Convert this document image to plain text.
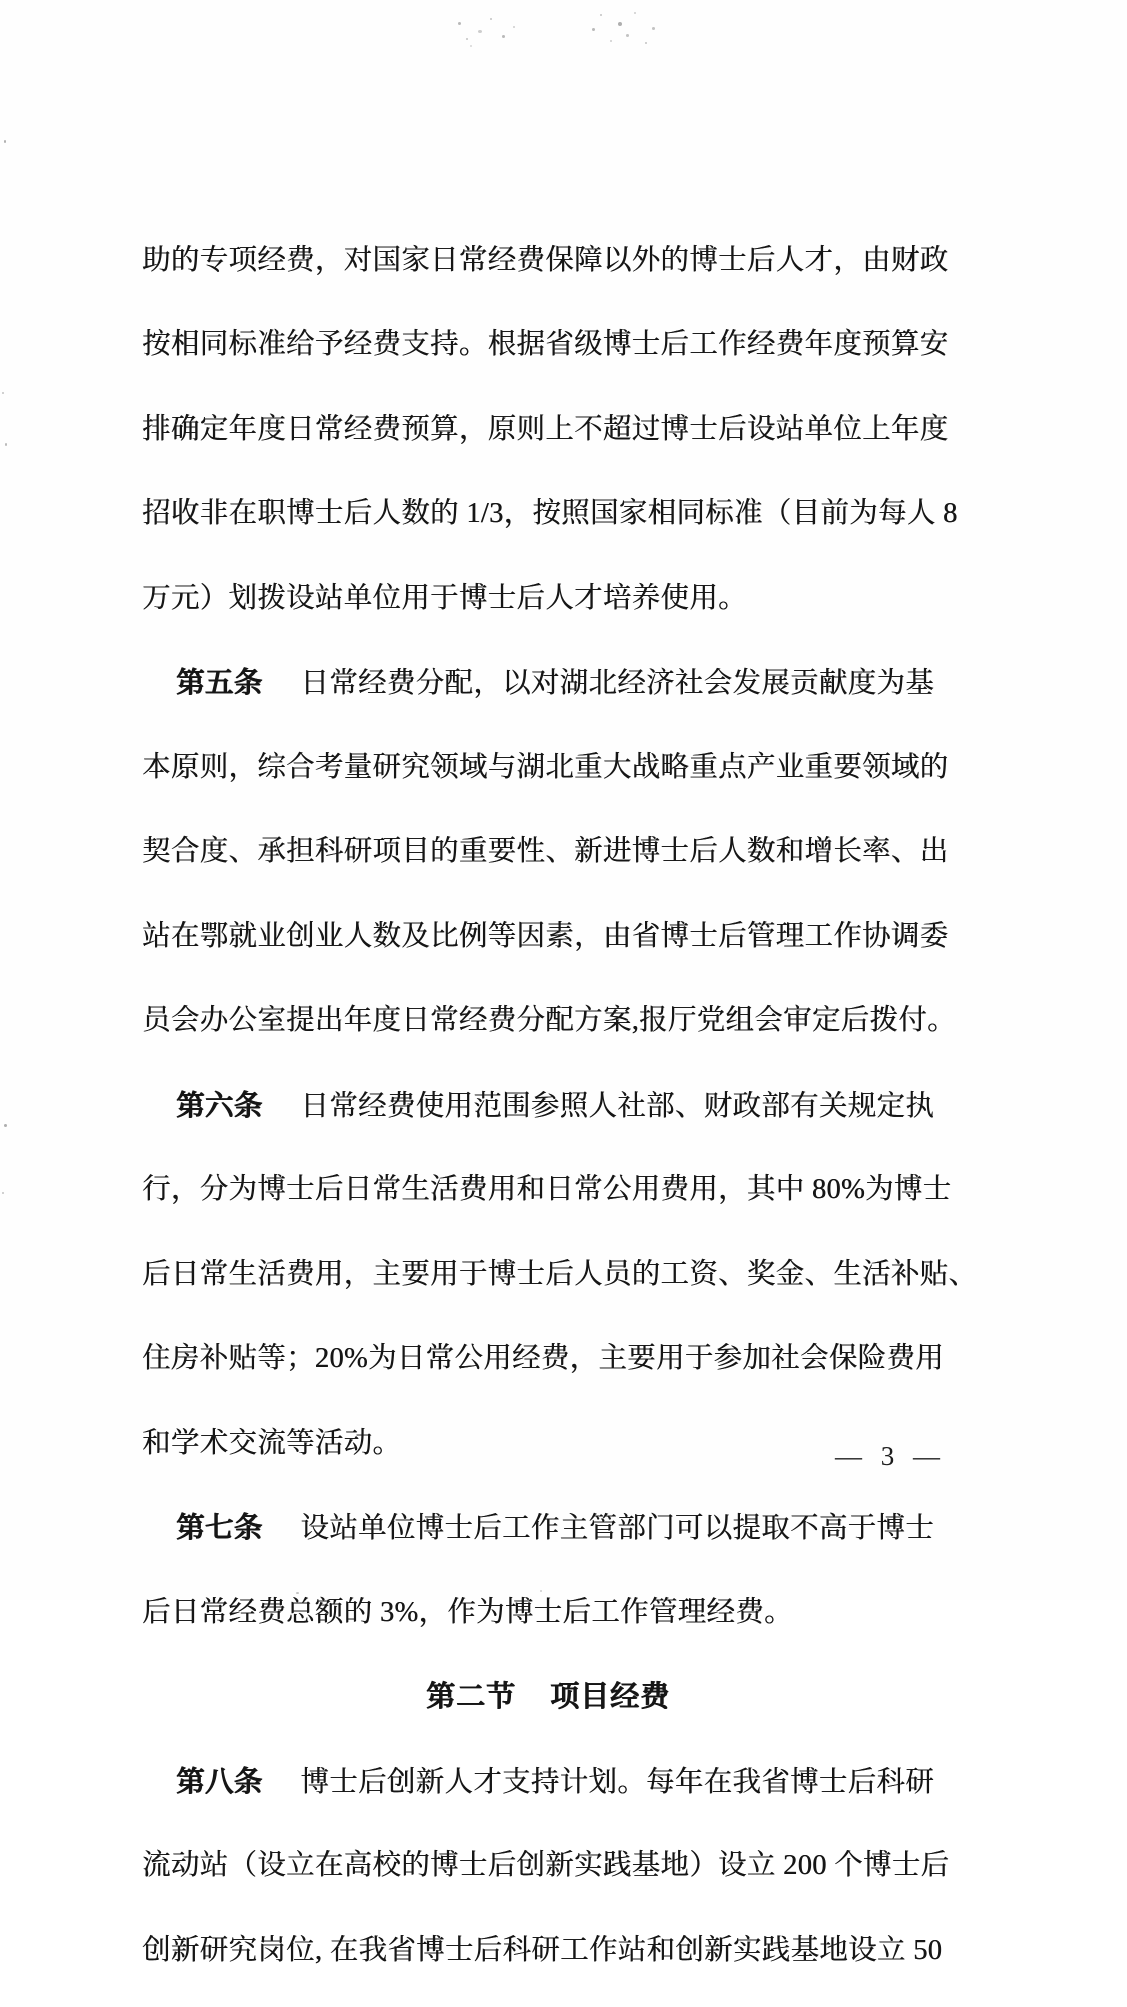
助的专项经费，对国家日常经费保障以外的博士后人才，由财政

按相同标准给予经费支持。根据省级博士后工作经费年度预算安

排确定年度日常经费预算，原则上不超过博士后设站单位上年度

招收非在职博士后人数的 1/3，按照国家相同标准（目前为每人 8

万元）划拨设站单位用于博士后人才培养使用。

第五条 日常经费分配，以对湖北经济社会发展贡献度为基

本原则，综合考量研究领域与湖北重大战略重点产业重要领域的

契合度、承担科研项目的重要性、新进博士后人数和增长率、出

站在鄂就业创业人数及比例等因素，由省博士后管理工作协调委

员会办公室提出年度日常经费分配方案,报厅党组会审定后拨付。

第六条 日常经费使用范围参照人社部、财政部有关规定执

行，分为博士后日常生活费用和日常公用费用，其中 80%为博士

后日常生活费用，主要用于博士后人员的工资、奖金、生活补贴、

住房补贴等；20%为日常公用经费，主要用于参加社会保险费用

和学术交流等活动。

第七条 设站单位博士后工作主管部门可以提取不高于博士

后日常经费总额的 3%，作为博士后工作管理经费。

第二节 项目经费

第八条 博士后创新人才支持计划。每年在我省博士后科研

流动站（设立在高校的博士后创新实践基地）设立 200 个博士后

创新研究岗位, 在我省博士后科研工作站和创新实践基地设立 50

— 3 —
